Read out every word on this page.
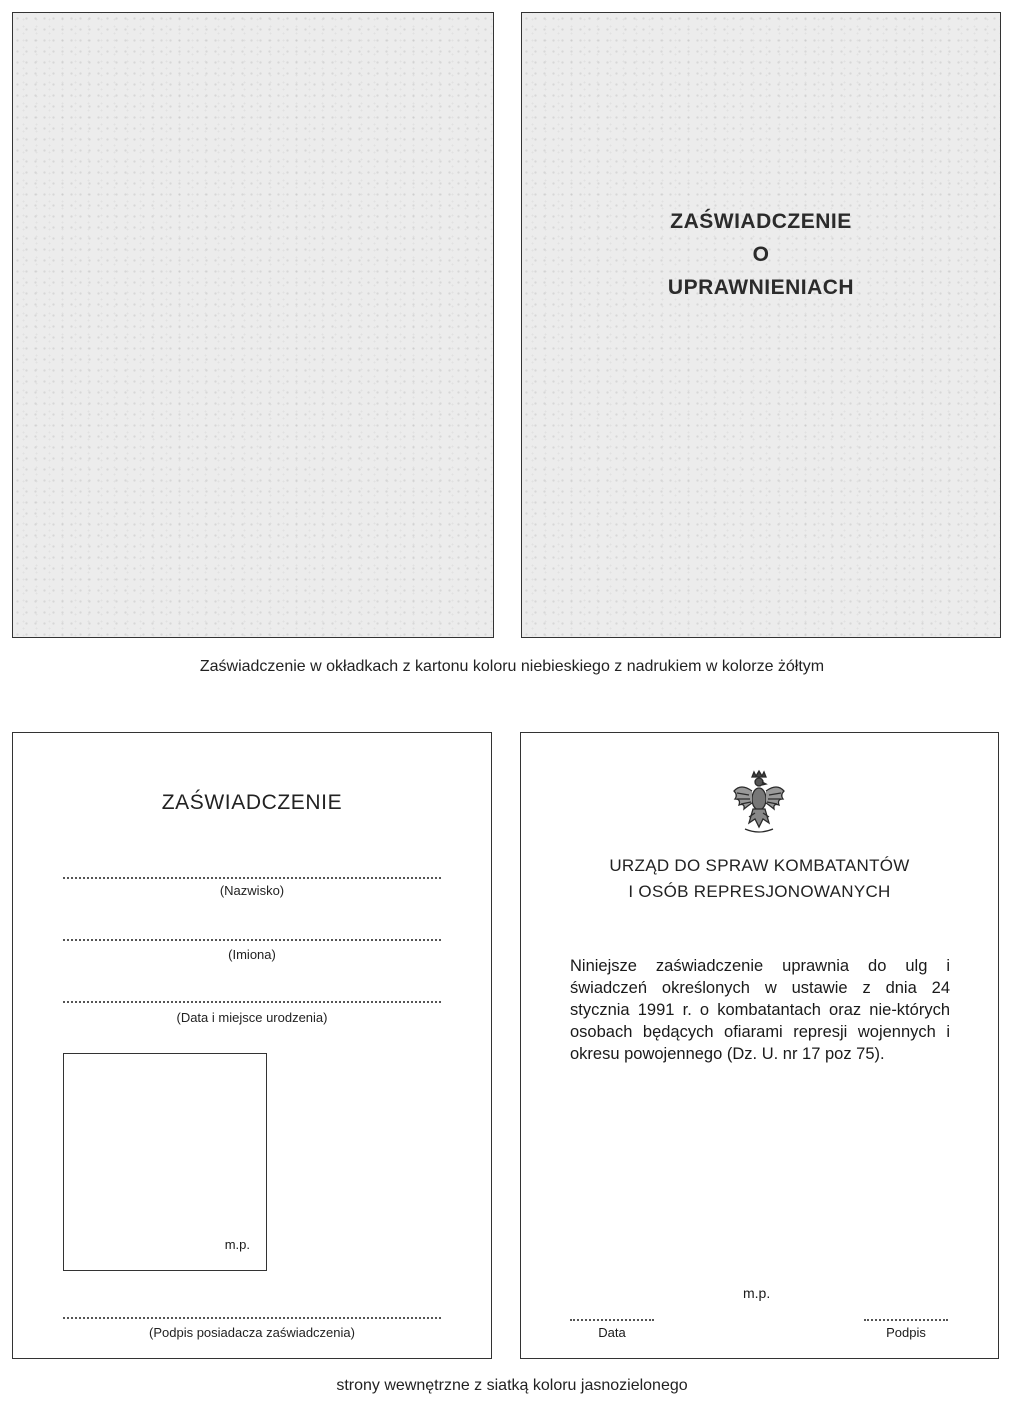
ZAŚWIADCZENIE
O
UPRAWNIENIACH
Zaświadczenie w okładkach z kartonu koloru niebieskiego z nadrukiem w kolorze żółtym
ZAŚWIADCZENIE
(Nazwisko)
(Imiona)
(Data i miejsce urodzenia)
m.p.
(Podpis posiadacza zaświadczenia)
URZĄD DO SPRAW KOMBATANTÓW
I OSÓB REPRESJONOWANYCH
Niniejsze zaświadczenie uprawnia do ulg i świadczeń określonych w ustawie z dnia 24 stycznia 1991 r. o kombatantach oraz nie-których osobach będących ofiarami represji wojennych i okresu powojennego (Dz. U. nr 17 poz 75).
m.p.
Data	Podpis
strony wewnętrzne z siatką koloru jasnozielonego
